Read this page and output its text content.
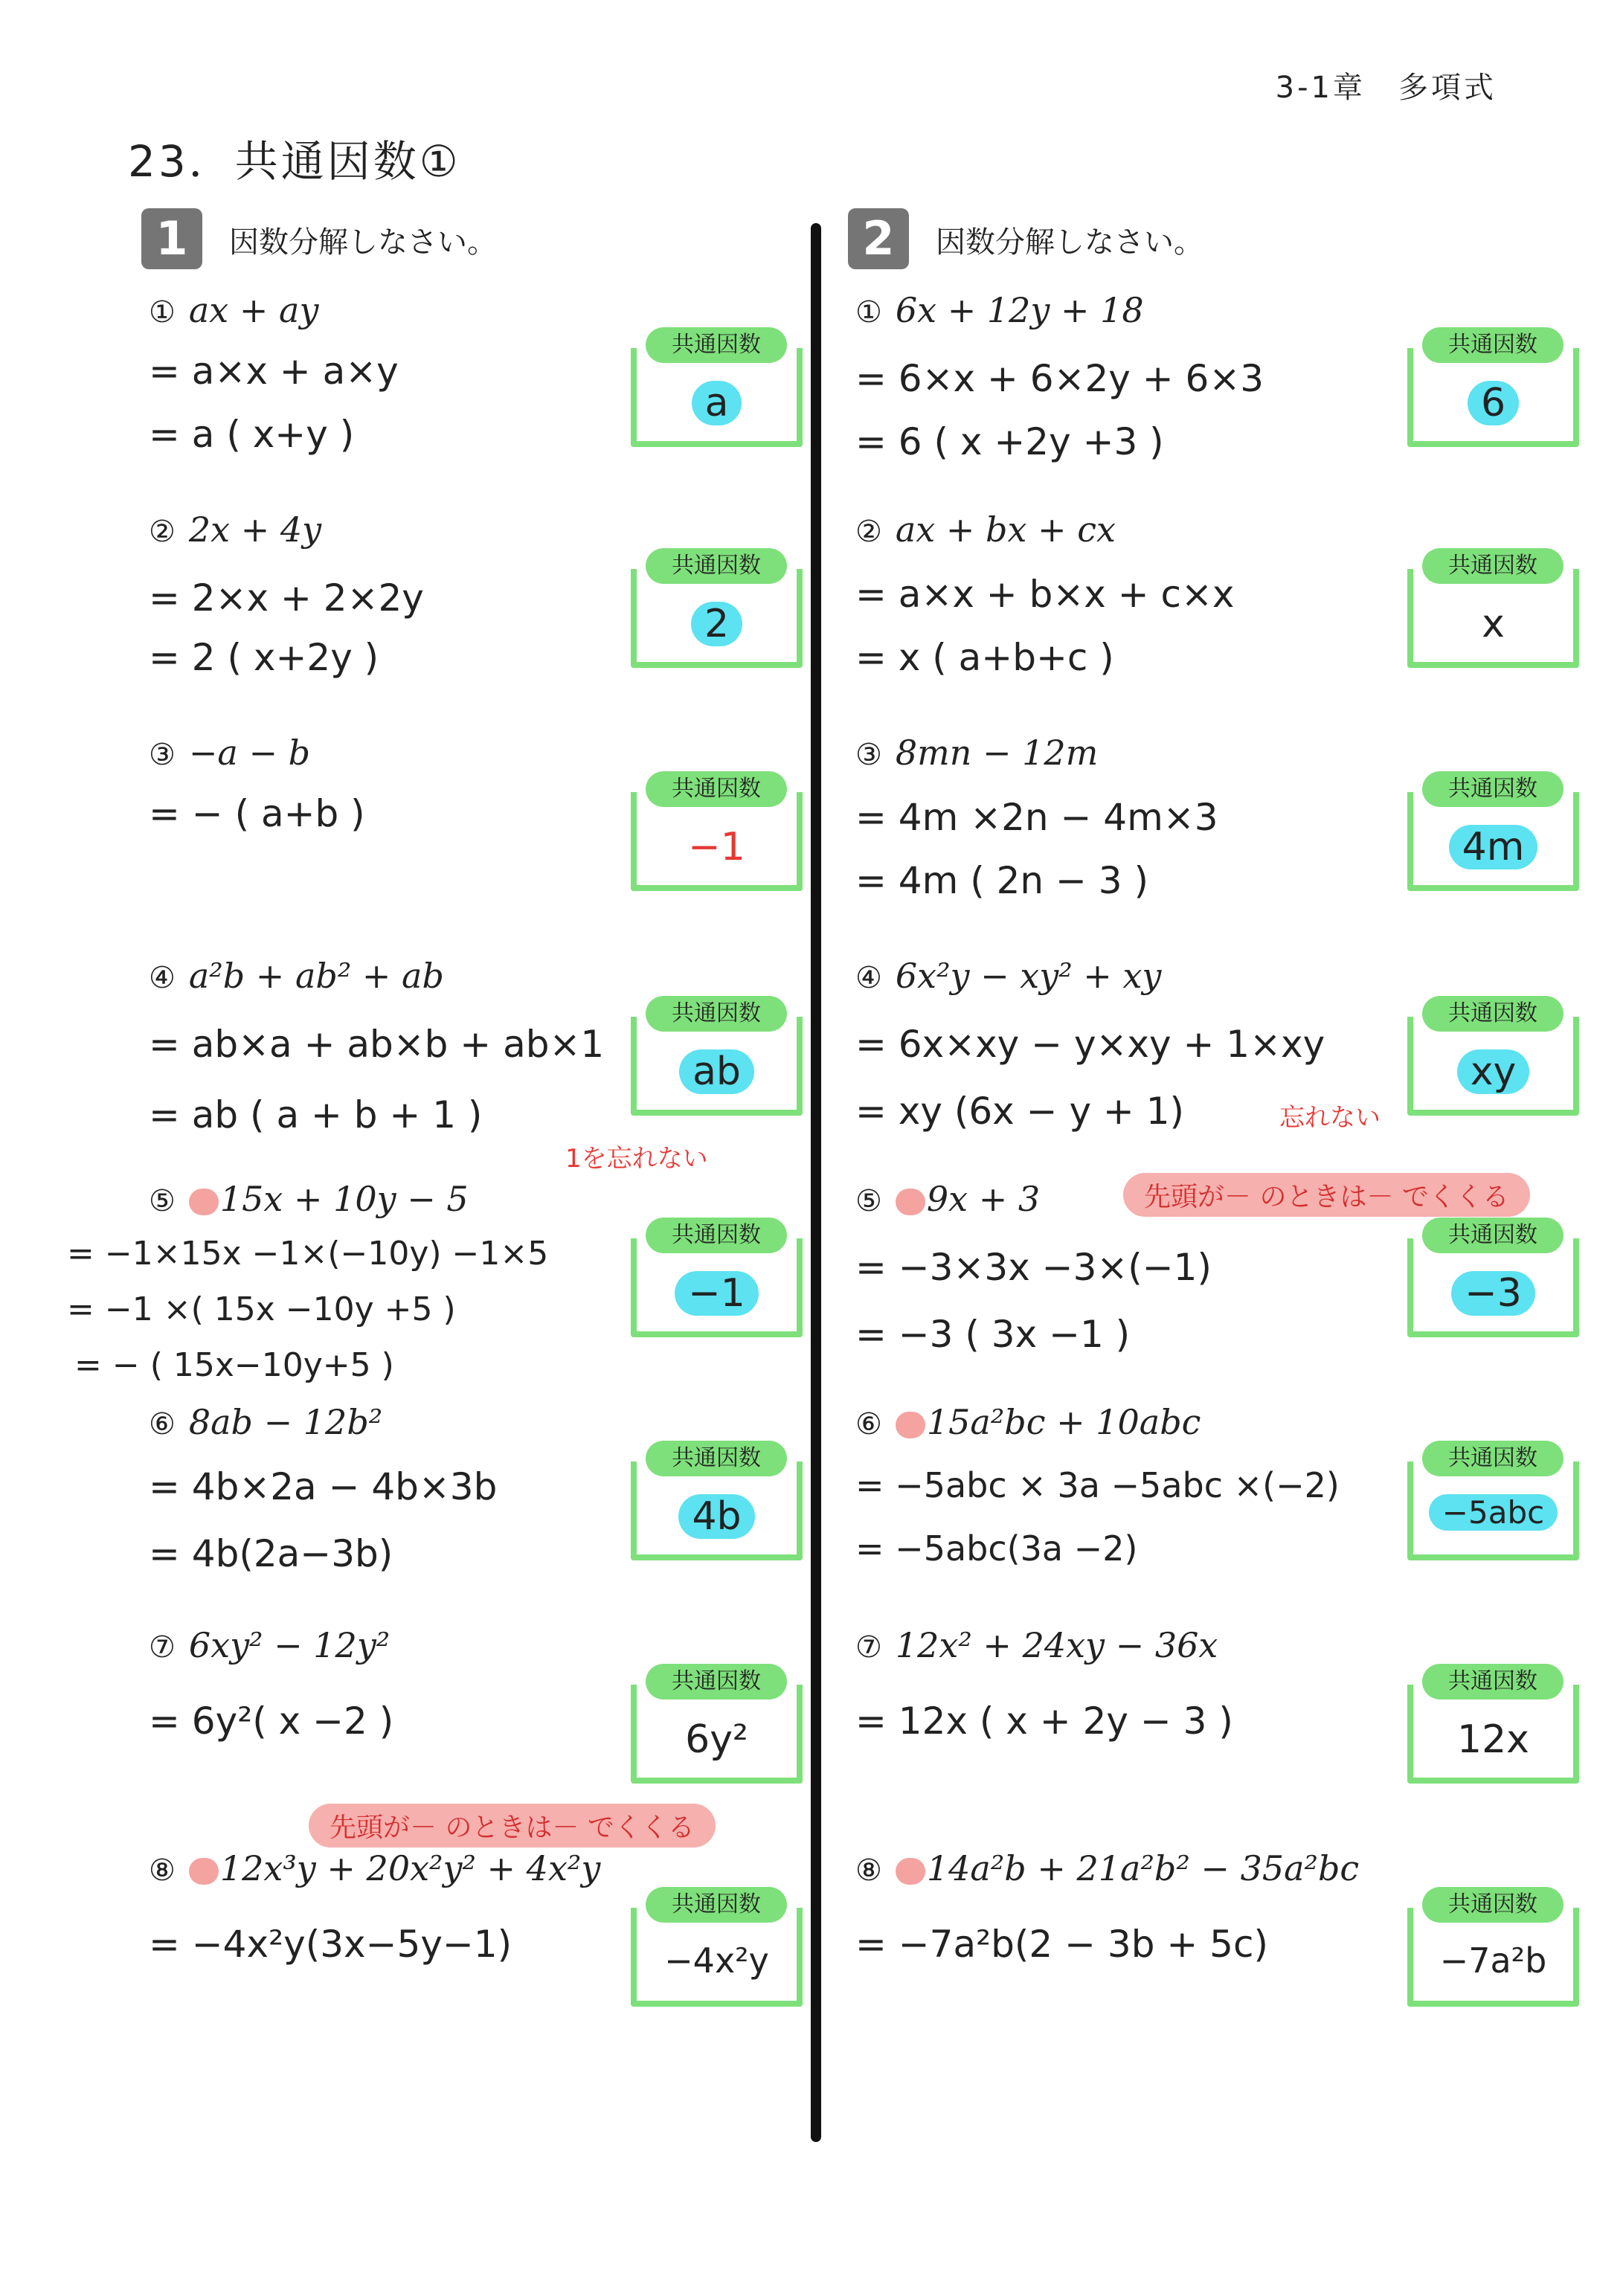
3-1章　多項式
23．共通因数①
1	因数分解しなさい。
① ax + ay
= a×x + a×y
= a ( x+y )
共通因数
a
② 2x + 4y
= 2×x + 2×2y
= 2 ( x+2y )
共通因数
2
③ −a − b
= − ( a+b )
共通因数
−1
④ a²b + ab² + ab
= ab×a + ab×b + ab×1
= ab ( a + b + 1 )
1を忘れない
共通因数
ab
⑤ 15x + 10y − 5
= −1×15x −1×(−10y) −1×5
= −1 ×( 15x −10y +5 )
= − ( 15x−10y+5 )
共通因数
−1
⑥ 8ab − 12b²
= 4b×2a − 4b×3b
= 4b(2a−3b)
共通因数
4b
⑦ 6xy² − 12y²
= 6y²( x −2 )
共通因数
6y²
先頭が－ のときは－ でくくる
⑧ 12x³y + 20x²y² + 4x²y
= −4x²y(3x−5y−1)
共通因数
−4x²y
2	因数分解しなさい。
① 6x + 12y + 18
= 6×x + 6×2y + 6×3
= 6 ( x +2y +3 )
共通因数
6
② ax + bx + cx
= a×x + b×x + c×x
= x ( a+b+c )
共通因数
x
③ 8mn − 12m
= 4m ×2n − 4m×3
= 4m ( 2n − 3 )
共通因数
4m
④ 6x²y − xy² + xy
= 6x×xy − y×xy + 1×xy
= xy (6x − y + 1)	忘れない
共通因数
xy
⑤ 9x + 3	先頭が－ のときは－ でくくる
= −3×3x −3×(−1)
= −3 ( 3x −1 )
共通因数
−3
⑥ 15a²bc + 10abc
= −5abc × 3a −5abc ×(−2)
= −5abc(3a −2)
共通因数
−5abc
⑦ 12x² + 24xy − 36x
= 12x ( x + 2y − 3 )
共通因数
12x
⑧ 14a²b + 21a²b² − 35a²bc
= −7a²b(2 − 3b + 5c)
共通因数
−7a²b
